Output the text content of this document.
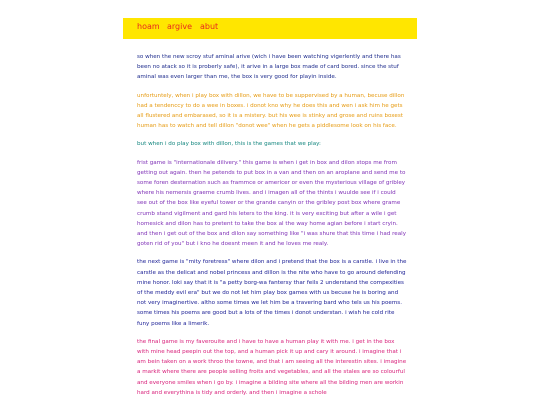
hoam argive abut

so when the new scroy stuf aminal arive (wich i have been watching vigerlently and there has been no atack so it is proberly safe), it arive in a large box made of card bored. since the stuf aminal was even larger than me, the box is very good for playin inside.

unfortuntely, when i play box with dillon, we have to be suppervised by a human, becuse dillon had a tendenccy to do a wee in boxes. i donot kno why he does this and wen i ask him he gets all flustered and embarased, so it is a mistery. but his wee is stinky and grose and ruins boxest human has to watch and tell dillon "donot wee" when he gets a piddlesome look on his face.

but when i do play box with dillon, this is the games that we play:

frist game is "internationale dilivery." this game is when i get in box and dilon stops me from getting out again. then he petends to put box in a van and then on an aroplane and send me to some foren desternation such as frammce or americer or even the mysterious village of gribley where his nemersis graeme crumb lives. and i imagen all of the thints i wuulde see if i could see out of the box like eyeful tower or the grande canyin or the gribley post box where grame crumb stand vigilment and gard his leters to the king. it is very exciting but after a wile i get homesick and dilon has to pretent to take the box al the way home agian before i start cryin. and then i get out of the box and dilon say something like "i was shure that this time i had realy goten rid of you" but i kno he doesnt meen it and he loves me realy.

the next game is "mity foretress" where dilon and i pretend that the box is a carstle. i live in the carstle as the delicat and nobel princess and dillon is the nite who have to go around defending mine honor. loki say that it is "a petty borg-wa fantersy thar feils 2 understand the compexities of the meddy evil era" but we do not let him play box games with us becuse he is boring and not very imaginertive. altho some times we let him be a travering bard who tels us his poems. some times his poems are good but a lots of the times i donot understan. i wish he cold rite funy poems like a limerik.

the final game is my faverouite and i have to have a human play it with me. i get in the box with mine head peepin out the top, and a human pick it up and cary it around. i imagine that i am bein taken on a work throo the towne, and that i am seeing all the interestin sites. i imagine a markit where there are people selling froits and vegetables, and all the stales are so colourful and everyone smiles when i go by. i imagine a bilding site where all the bilding men are workin hard and everythina is tidy and orderly. and then i imagine a schole
